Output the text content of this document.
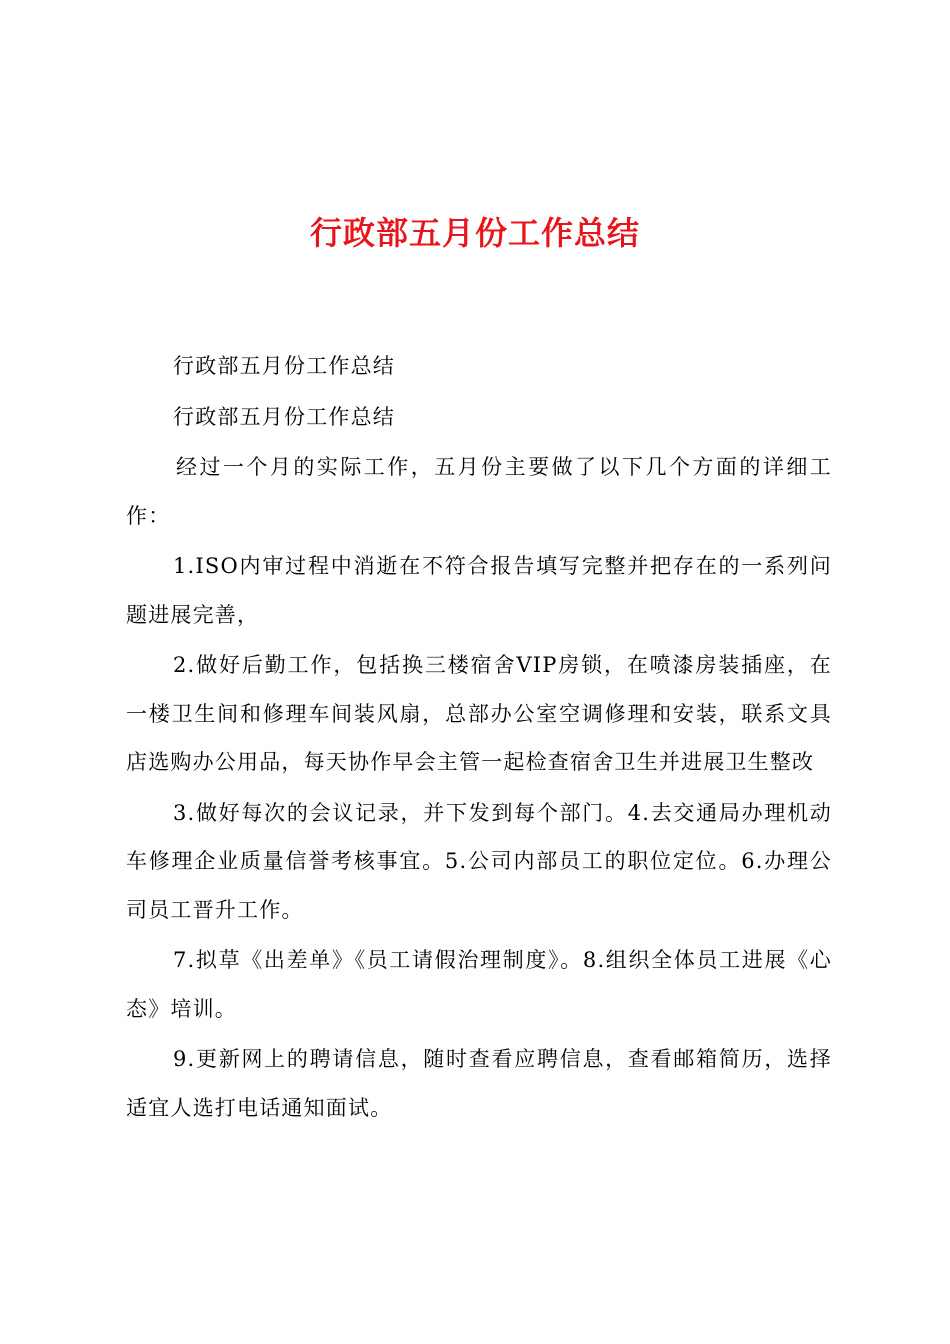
行政部五月份工作总结

行政部五月份工作总结

行政部五月份工作总结

经过一个月的实际工作，五月份主要做了以下几个方面的详细工作：

1.ISO内审过程中消逝在不符合报告填写完整并把存在的一系列问题进展完善，

2.做好后勤工作，包括换三楼宿舍VIP房锁，在喷漆房装插座，在一楼卫生间和修理车间装风扇，总部办公室空调修理和安装，联系文具店选购办公用品，每天协作早会主管一起检查宿舍卫生并进展卫生整改

3.做好每次的会议记录，并下发到每个部门。4.去交通局办理机动车修理企业质量信誉考核事宜。5.公司内部员工的职位定位。6.办理公司员工晋升工作。

7.拟草《出差单》《员工请假治理制度》。8.组织全体员工进展《心态》培训。

9.更新网上的聘请信息，随时查看应聘信息，查看邮箱简历，选择适宜人选打电话通知面试。
